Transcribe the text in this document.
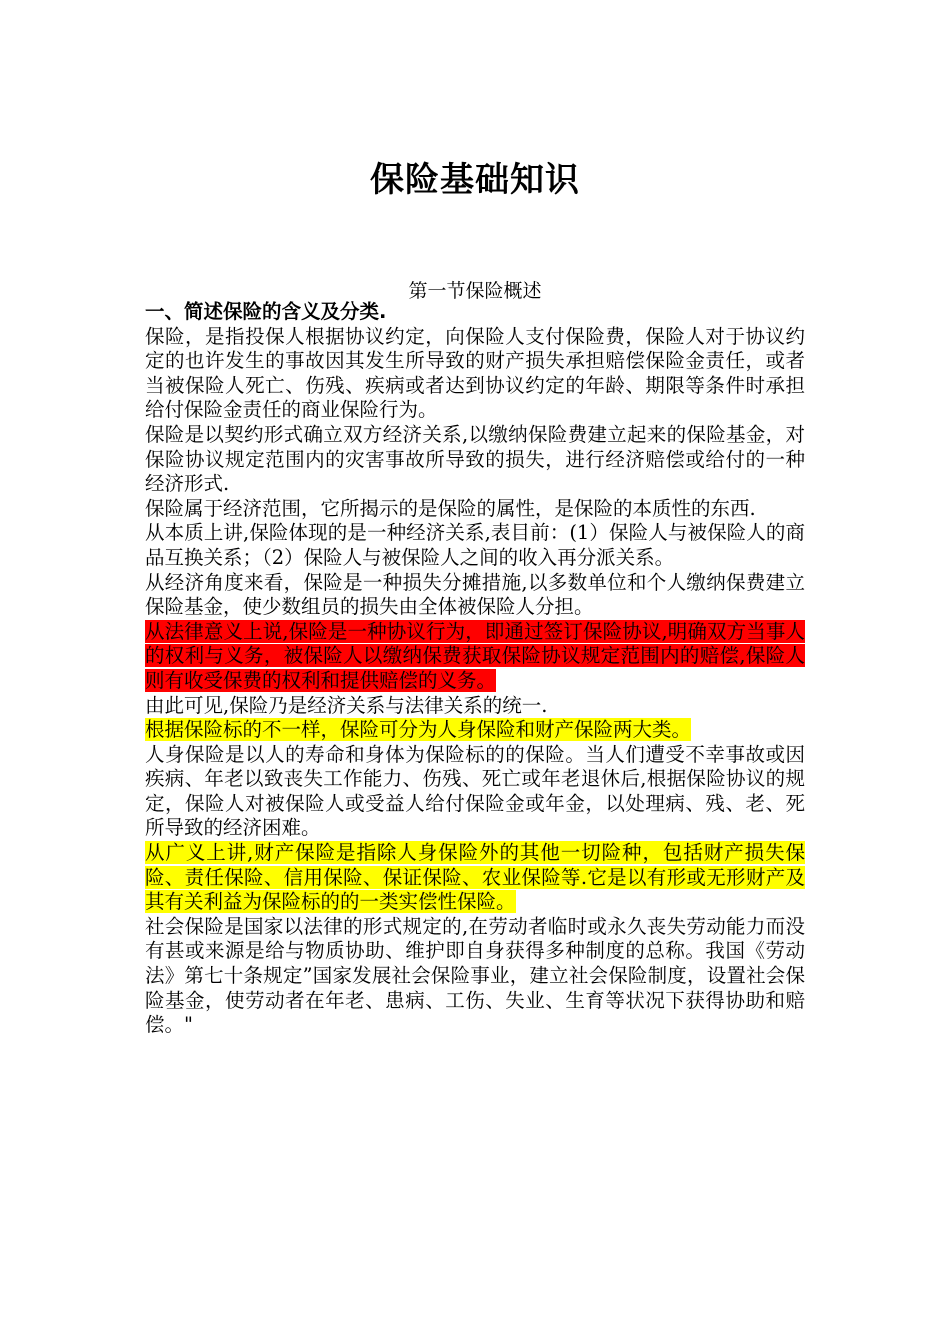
保险基础知识
第一节保险概述

一、简述保险的含义及分类.

保险，是指投保人根据协议约定，向保险人支付保险费，保险人对于协议约定的也许发生的事故因其发生所导致的财产损失承担赔偿保险金责任，或者当被保险人死亡、伤残、疾病或者达到协议约定的年龄、期限等条件时承担给付保险金责任的商业保险行为。

保险是以契约形式确立双方经济关系,以缴纳保险费建立起来的保险基金，对保险协议规定范围内的灾害事故所导致的损失，进行经济赔偿或给付的一种经济形式.

保险属于经济范围，它所揭示的是保险的属性，是保险的本质性的东西.

从本质上讲,保险体现的是一种经济关系,表目前：(1）保险人与被保险人的商品互换关系；（2）保险人与被保险人之间的收入再分派关系。

从经济角度来看，保险是一种损失分摊措施,以多数单位和个人缴纳保费建立保险基金，使少数组员的损失由全体被保险人分担。

从法律意义上说,保险是一种协议行为，即通过签订保险协议,明确双方当事人的权利与义务，被保险人以缴纳保费获取保险协议规定范围内的赔偿,保险人则有收受保费的权利和提供赔偿的义务。

由此可见,保险乃是经济关系与法律关系的统一.

根据保险标的不一样，保险可分为人身保险和财产保险两大类。

人身保险是以人的寿命和身体为保险标的的保险。当人们遭受不幸事故或因疾病、年老以致丧失工作能力、伤残、死亡或年老退休后,根据保险协议的规定，保险人对被保险人或受益人给付保险金或年金，以处理病、残、老、死所导致的经济困难。

从广义上讲,财产保险是指除人身保险外的其他一切险种，包括财产损失保险、责任保险、信用保险、保证保险、农业保险等.它是以有形或无形财产及其有关利益为保险标的的一类实偿性保险。

社会保险是国家以法律的形式规定的,在劳动者临时或永久丧失劳动能力而没有甚或来源是给与物质协助、维护即自身获得多种制度的总称。我国《劳动法》第七十条规定”国家发展社会保险事业，建立社会保险制度，设置社会保险基金，使劳动者在年老、患病、工伤、失业、生育等状况下获得协助和赔偿。"
